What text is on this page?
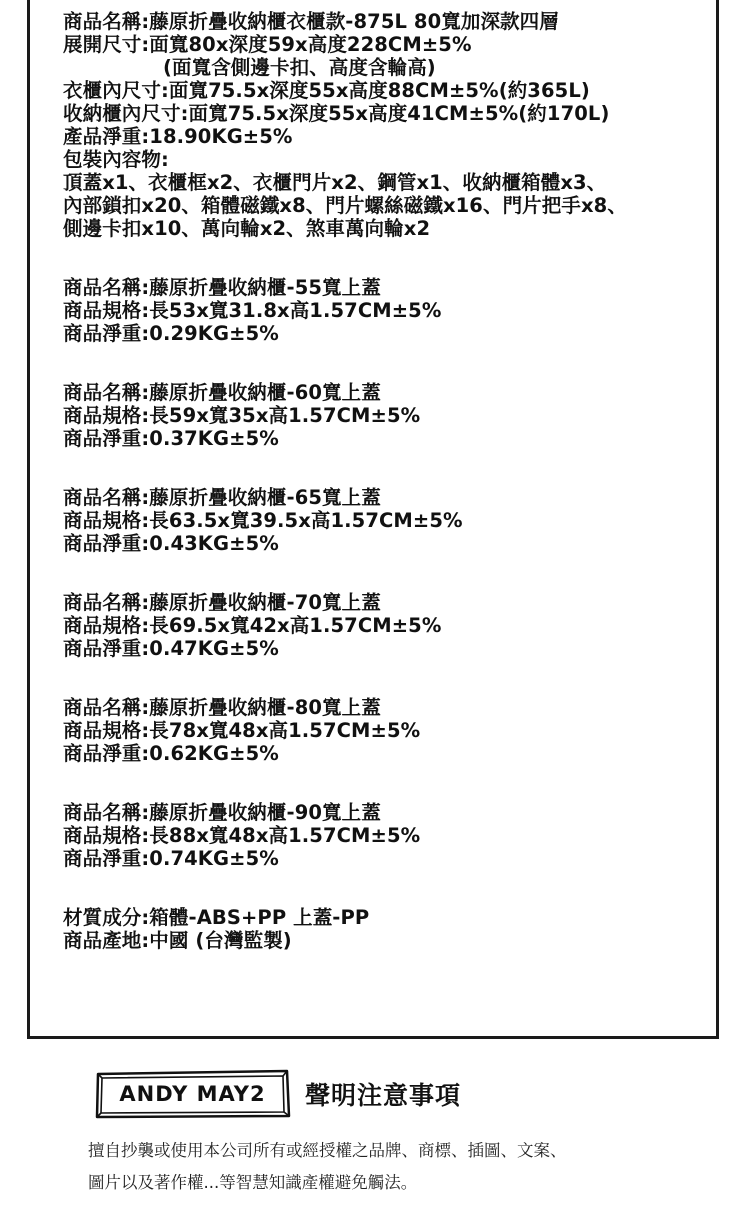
商品名稱:藤原折疊收納櫃衣櫃款-875L 80寬加深款四層
展開尺寸:面寬80x深度59x高度228CM±5%
(面寬含側邊卡扣、高度含輪高)
衣櫃內尺寸:面寬75.5x深度55x高度88CM±5%(約365L)
收納櫃內尺寸:面寬75.5x深度55x高度41CM±5%(約170L)
產品淨重:18.90KG±5%
包裝內容物:
頂蓋x1、衣櫃框x2、衣櫃門片x2、鋼管x1、收納櫃箱體x3、
內部鎖扣x20、箱體磁鐵x8、門片螺絲磁鐵x16、門片把手x8、
側邊卡扣x10、萬向輪x2、煞車萬向輪x2
商品名稱:藤原折疊收納櫃-55寬上蓋
商品規格:長53x寬31.8x高1.57CM±5%
商品淨重:0.29KG±5%
商品名稱:藤原折疊收納櫃-60寬上蓋
商品規格:長59x寬35x高1.57CM±5%
商品淨重:0.37KG±5%
商品名稱:藤原折疊收納櫃-65寬上蓋
商品規格:長63.5x寬39.5x高1.57CM±5%
商品淨重:0.43KG±5%
商品名稱:藤原折疊收納櫃-70寬上蓋
商品規格:長69.5x寬42x高1.57CM±5%
商品淨重:0.47KG±5%
商品名稱:藤原折疊收納櫃-80寬上蓋
商品規格:長78x寬48x高1.57CM±5%
商品淨重:0.62KG±5%
商品名稱:藤原折疊收納櫃-90寬上蓋
商品規格:長88x寬48x高1.57CM±5%
商品淨重:0.74KG±5%
材質成分:箱體-ABS+PP 上蓋-PP
商品產地:中國 (台灣監製)
ANDY MAY2	聲明注意事項
擅自抄襲或使用本公司所有或經授權之品牌、商標、插圖、文案、
圖片以及著作權...等智慧知識產權避免觸法。
